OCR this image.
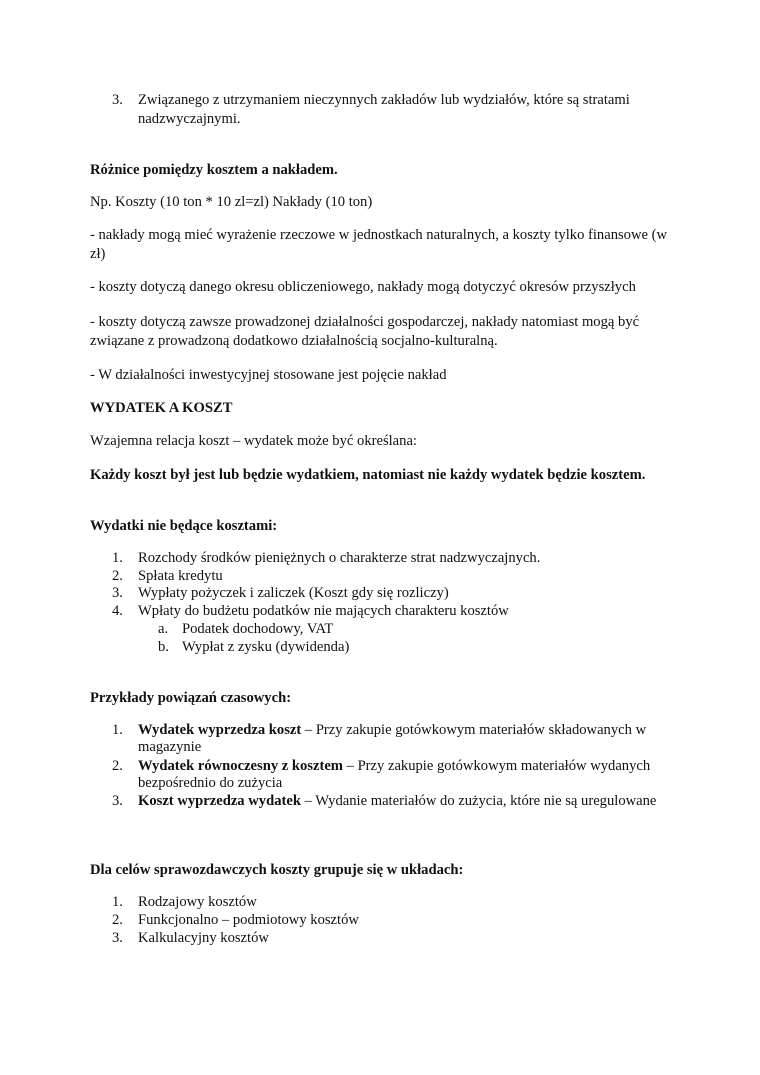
3.	Związanego z utrzymaniem nieczynnych zakładów lub wydziałów, które są stratami nadzwyczajnymi.

Różnice pomiędzy kosztem a nakładem.

Np. Koszty (10 ton * 10 zl=zl) Nakłady (10 ton)

- nakłady mogą mieć wyrażenie rzeczowe w jednostkach naturalnych, a koszty tylko finansowe (w zł)

- koszty dotyczą danego okresu obliczeniowego, nakłady mogą dotyczyć okresów przyszłych

- koszty dotyczą zawsze prowadzonej działalności gospodarczej, nakłady natomiast mogą być związane z prowadzoną dodatkowo działalnością socjalno-kulturalną.

- W działalności inwestycyjnej stosowane jest pojęcie nakład

WYDATEK A KOSZT

Wzajemna relacja koszt – wydatek może być określana:

Każdy koszt był jest lub będzie wydatkiem, natomiast nie każdy wydatek będzie kosztem.

Wydatki nie będące kosztami:

1.	Rozchody środków pieniężnych o charakterze strat nadzwyczajnych.
2.	Spłata kredytu
3.	Wypłaty pożyczek i zaliczek (Koszt gdy się rozliczy)
4.	Wpłaty do budżetu podatków nie mających charakteru kosztów
a. Podatek dochodowy, VAT
b. Wypłat z zysku (dywidenda)

Przykłady powiązań czasowych:

1.	Wydatek wyprzedza koszt – Przy zakupie gotówkowym materiałów składowanych w magazynie
2.	Wydatek równoczesny z kosztem – Przy zakupie gotówkowym materiałów wydanych bezpośrednio do zużycia
3.	Koszt wyprzedza wydatek – Wydanie materiałów do zużycia, które nie są uregulowane

Dla celów sprawozdawczych koszty grupuje się w układach:

1.	Rodzajowy kosztów
2.	Funkcjonalno – podmiotowy kosztów
3.	Kalkulacyjny kosztów
